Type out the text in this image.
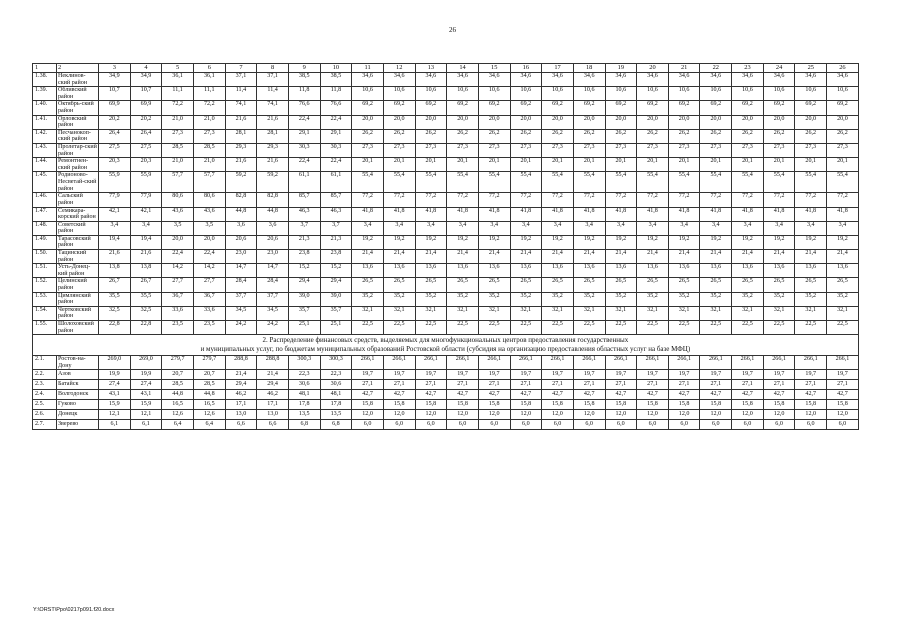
26
1	2	3	4	5	6	7	8	9	10	11	12	13	14	15	16	17	18	19	20	21	22	23	24	25	26
1.38.	Неклинов-ский район	34,9	34,9	36,1	36,1	37,1	37,1	38,5	38,5	34,6	34,6	34,6	34,6	34,6	34,6	34,6	34,6	34,6	34,6	34,6	34,6	34,6	34,6	34,6	34,6
1.39.	Обливский район	10,7	10,7	11,1	11,1	11,4	11,4	11,8	11,8	10,6	10,6	10,6	10,6	10,6	10,6	10,6	10,6	10,6	10,6	10,6	10,6	10,6	10,6	10,6	10,6
1.40.	Октябрь-ский район	69,9	69,9	72,2	72,2	74,1	74,1	76,6	76,6	69,2	69,2	69,2	69,2	69,2	69,2	69,2	69,2	69,2	69,2	69,2	69,2	69,2	69,2	69,2	69,2
1.41.	Орловский район	20,2	20,2	21,0	21,0	21,6	21,6	22,4	22,4	20,0	20,0	20,0	20,0	20,0	20,0	20,0	20,0	20,0	20,0	20,0	20,0	20,0	20,0	20,0	20,0
1.42.	Песчанокоп-ский район	26,4	26,4	27,3	27,3	28,1	28,1	29,1	29,1	26,2	26,2	26,2	26,2	26,2	26,2	26,2	26,2	26,2	26,2	26,2	26,2	26,2	26,2	26,2	26,2
1.43.	Пролетар-ский район	27,5	27,5	28,5	28,5	29,3	29,3	30,3	30,3	27,3	27,3	27,3	27,3	27,3	27,3	27,3	27,3	27,3	27,3	27,3	27,3	27,3	27,3	27,3	27,3
1.44.	Ремонтнен-ский район	20,3	20,3	21,0	21,0	21,6	21,6	22,4	22,4	20,1	20,1	20,1	20,1	20,1	20,1	20,1	20,1	20,1	20,1	20,1	20,1	20,1	20,1	20,1	20,1
1.45.	Родионово-Несветай-ский район	55,9	55,9	57,7	57,7	59,2	59,2	61,1	61,1	55,4	55,4	55,4	55,4	55,4	55,4	55,4	55,4	55,4	55,4	55,4	55,4	55,4	55,4	55,4	55,4
1.46.	Сальский район	77,9	77,9	80,6	80,6	82,8	82,8	85,7	85,7	77,2	77,2	77,2	77,2	77,2	77,2	77,2	77,2	77,2	77,2	77,2	77,2	77,2	77,2	77,2	77,2
1.47.	Семикара-корский район	42,1	42,1	43,6	43,6	44,8	44,8	46,3	46,3	41,8	41,8	41,8	41,8	41,8	41,8	41,8	41,8	41,8	41,8	41,8	41,8	41,8	41,8	41,8	41,8
1.48.	Советский район	3,4	3,4	3,5	3,5	3,6	3,6	3,7	3,7	3,4	3,4	3,4	3,4	3,4	3,4	3,4	3,4	3,4	3,4	3,4	3,4	3,4	3,4	3,4	3,4
1.49.	Тарасовский район	19,4	19,4	20,0	20,0	20,6	20,6	21,3	21,3	19,2	19,2	19,2	19,2	19,2	19,2	19,2	19,2	19,2	19,2	19,2	19,2	19,2	19,2	19,2	19,2
1.50.	Тацинский район	21,6	21,6	22,4	22,4	23,0	23,0	23,8	23,8	21,4	21,4	21,4	21,4	21,4	21,4	21,4	21,4	21,4	21,4	21,4	21,4	21,4	21,4	21,4	21,4
1.51.	Усть-Донец-кий район	13,8	13,8	14,2	14,2	14,7	14,7	15,2	15,2	13,6	13,6	13,6	13,6	13,6	13,6	13,6	13,6	13,6	13,6	13,6	13,6	13,6	13,6	13,6	13,6
1.52.	Целинский район	26,7	26,7	27,7	27,7	28,4	28,4	29,4	29,4	26,5	26,5	26,5	26,5	26,5	26,5	26,5	26,5	26,5	26,5	26,5	26,5	26,5	26,5	26,5	26,5
1.53.	Цимлянский район	35,5	35,5	36,7	36,7	37,7	37,7	39,0	39,0	35,2	35,2	35,2	35,2	35,2	35,2	35,2	35,2	35,2	35,2	35,2	35,2	35,2	35,2	35,2	35,2
1.54.	Чертковский район	32,5	32,5	33,6	33,6	34,5	34,5	35,7	35,7	32,1	32,1	32,1	32,1	32,1	32,1	32,1	32,1	32,1	32,1	32,1	32,1	32,1	32,1	32,1	32,1
1.55.	Шолоховский район	22,8	22,8	23,5	23,5	24,2	24,2	25,1	25,1	22,5	22,5	22,5	22,5	22,5	22,5	22,5	22,5	22,5	22,5	22,5	22,5	22,5	22,5	22,5	22,5

2. Распределение финансовых средств, выделяемых для многофункциональных центров предоставления государственных
и муниципальных услуг, по бюджетам муниципальных образований Ростовской области (субсидия на организацию предоставления областных услуг на базе МФЦ)																									

2.1.	Ростов-на-Дону	269,0	269,0	279,7	279,7	288,8	288,8	300,3	300,3	266,1	266,1	266,1	266,1	266,1	266,1	266,1	266,1	266,1	266,1	266,1	266,1	266,1	266,1	266,1	266,1
2.2.	Азов	19,9	19,9	20,7	20,7	21,4	21,4	22,3	22,3	19,7	19,7	19,7	19,7	19,7	19,7	19,7	19,7	19,7	19,7	19,7	19,7	19,7	19,7	19,7	19,7
2.3.	Батайск	27,4	27,4	28,5	28,5	29,4	29,4	30,6	30,6	27,1	27,1	27,1	27,1	27,1	27,1	27,1	27,1	27,1	27,1	27,1	27,1	27,1	27,1	27,1	27,1
2.4.	Волгодонск	43,1	43,1	44,8	44,8	46,2	46,2	48,1	48,1	42,7	42,7	42,7	42,7	42,7	42,7	42,7	42,7	42,7	42,7	42,7	42,7	42,7	42,7	42,7	42,7
2.5.	Гуково	15,9	15,9	16,5	16,5	17,1	17,1	17,8	17,8	15,8	15,8	15,8	15,8	15,8	15,8	15,8	15,8	15,8	15,8	15,8	15,8	15,8	15,8	15,8	15,8
2.6.	Донецк	12,1	12,1	12,6	12,6	13,0	13,0	13,5	13,5	12,0	12,0	12,0	12,0	12,0	12,0	12,0	12,0	12,0	12,0	12,0	12,0	12,0	12,0	12,0	12,0
2.7.	Зверево	6,1	6,1	6,4	6,4	6,6	6,6	6,8	6,8	6,0	6,0	6,0	6,0	6,0	6,0	6,0	6,0	6,0	6,0	6,0	6,0	6,0	6,0	6,0	6,0
Y:\ORST\Ppo\0217p091.f20.docx
